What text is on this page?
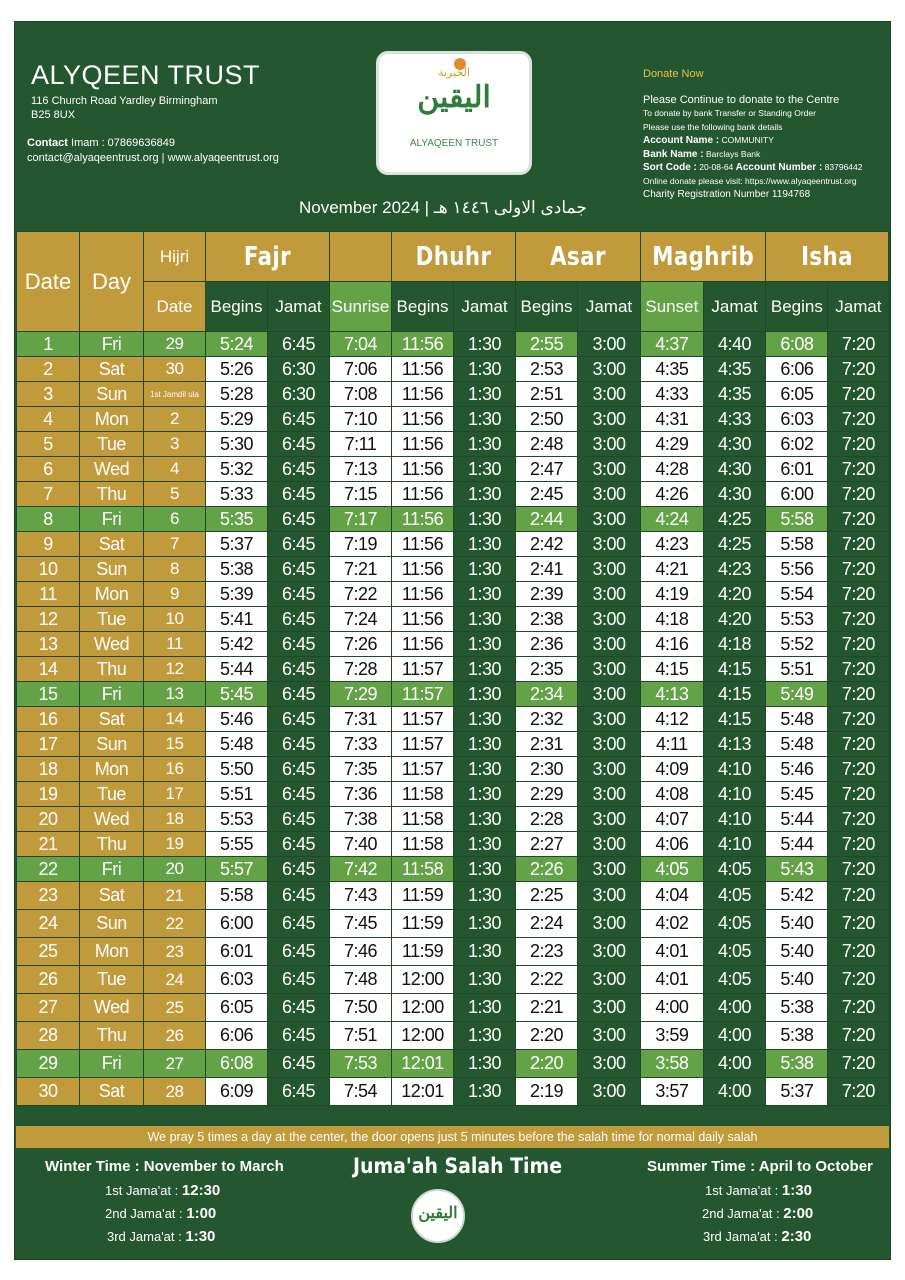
ALYQEEN TRUST
116 Church Road Yardley Birmingham
B25 8UX
Contact Imam : 07869636849
contact@alyaqeentrust.org | www.alyaqeentrust.org
الخيرية
اليقين
ALYAQEEN TRUST
November 2024 | جمادى الاولى ١٤٤٦ هـ
Donate Now
Please Continue to donate to the Centre
To donate by bank Transfer or Standing Order
Please use the following bank details
Account Name : COMMUNITY
Bank Name : Barclays Bank
Sort Code : 20-08-64 Account Number : 83796442
Online donate please visit: https://www.alyaqeentrust.org
Charity Registration Number 1194768
Date	Day	Hijri	Fajr			Dhuhr		Asar		Maghrib		Isha	

		Date	Begins	Jamat	Sunrise	Begins	Jamat	Begins	Jamat	Sunset	Jamat	Begins	Jamat
1	Fri	29	5:24	6:45	7:04	11:56	1:30	2:55	3:00	4:37	4:40	6:08	7:20
2	Sat	30	5:26	6:30	7:06	11:56	1:30	2:53	3:00	4:35	4:35	6:06	7:20
3	Sun	1st Jamdil ula	5:28	6:30	7:08	11:56	1:30	2:51	3:00	4:33	4:35	6:05	7:20
4	Mon	2	5:29	6:45	7:10	11:56	1:30	2:50	3:00	4:31	4:33	6:03	7:20
5	Tue	3	5:30	6:45	7:11	11:56	1:30	2:48	3:00	4:29	4:30	6:02	7:20
6	Wed	4	5:32	6:45	7:13	11:56	1:30	2:47	3:00	4:28	4:30	6:01	7:20
7	Thu	5	5:33	6:45	7:15	11:56	1:30	2:45	3:00	4:26	4:30	6:00	7:20
8	Fri	6	5:35	6:45	7:17	11:56	1:30	2:44	3:00	4:24	4:25	5:58	7:20
9	Sat	7	5:37	6:45	7:19	11:56	1:30	2:42	3:00	4:23	4:25	5:58	7:20
10	Sun	8	5:38	6:45	7:21	11:56	1:30	2:41	3:00	4:21	4:23	5:56	7:20
11	Mon	9	5:39	6:45	7:22	11:56	1:30	2:39	3:00	4:19	4:20	5:54	7:20
12	Tue	10	5:41	6:45	7:24	11:56	1:30	2:38	3:00	4:18	4:20	5:53	7:20
13	Wed	11	5:42	6:45	7:26	11:56	1:30	2:36	3:00	4:16	4:18	5:52	7:20
14	Thu	12	5:44	6:45	7:28	11:57	1:30	2:35	3:00	4:15	4:15	5:51	7:20
15	Fri	13	5:45	6:45	7:29	11:57	1:30	2:34	3:00	4:13	4:15	5:49	7:20
16	Sat	14	5:46	6:45	7:31	11:57	1:30	2:32	3:00	4:12	4:15	5:48	7:20
17	Sun	15	5:48	6:45	7:33	11:57	1:30	2:31	3:00	4:11	4:13	5:48	7:20
18	Mon	16	5:50	6:45	7:35	11:57	1:30	2:30	3:00	4:09	4:10	5:46	7:20
19	Tue	17	5:51	6:45	7:36	11:58	1:30	2:29	3:00	4:08	4:10	5:45	7:20
20	Wed	18	5:53	6:45	7:38	11:58	1:30	2:28	3:00	4:07	4:10	5:44	7:20
21	Thu	19	5:55	6:45	7:40	11:58	1:30	2:27	3:00	4:06	4:10	5:44	7:20
22	Fri	20	5:57	6:45	7:42	11:58	1:30	2:26	3:00	4:05	4:05	5:43	7:20
23	Sat	21	5:58	6:45	7:43	11:59	1:30	2:25	3:00	4:04	4:05	5:42	7:20
24	Sun	22	6:00	6:45	7:45	11:59	1:30	2:24	3:00	4:02	4:05	5:40	7:20
25	Mon	23	6:01	6:45	7:46	11:59	1:30	2:23	3:00	4:01	4:05	5:40	7:20
26	Tue	24	6:03	6:45	7:48	12:00	1:30	2:22	3:00	4:01	4:05	5:40	7:20
27	Wed	25	6:05	6:45	7:50	12:00	1:30	2:21	3:00	4:00	4:00	5:38	7:20
28	Thu	26	6:06	6:45	7:51	12:00	1:30	2:20	3:00	3:59	4:00	5:38	7:20
29	Fri	27	6:08	6:45	7:53	12:01	1:30	2:20	3:00	3:58	4:00	5:38	7:20
30	Sat	28	6:09	6:45	7:54	12:01	1:30	2:19	3:00	3:57	4:00	5:37	7:20
We pray 5 times a day at the center, the door opens just 5 minutes before the salah time for normal daily salah
Winter Time : November to March
1st Jama'at : 12:30
2nd Jama'at : 1:00
3rd Jama'at : 1:30
Juma'ah Salah Time
اليقين
Summer Time : April to October
1st Jama'at : 1:30
2nd Jama'at : 2:00
3rd Jama'at : 2:30
